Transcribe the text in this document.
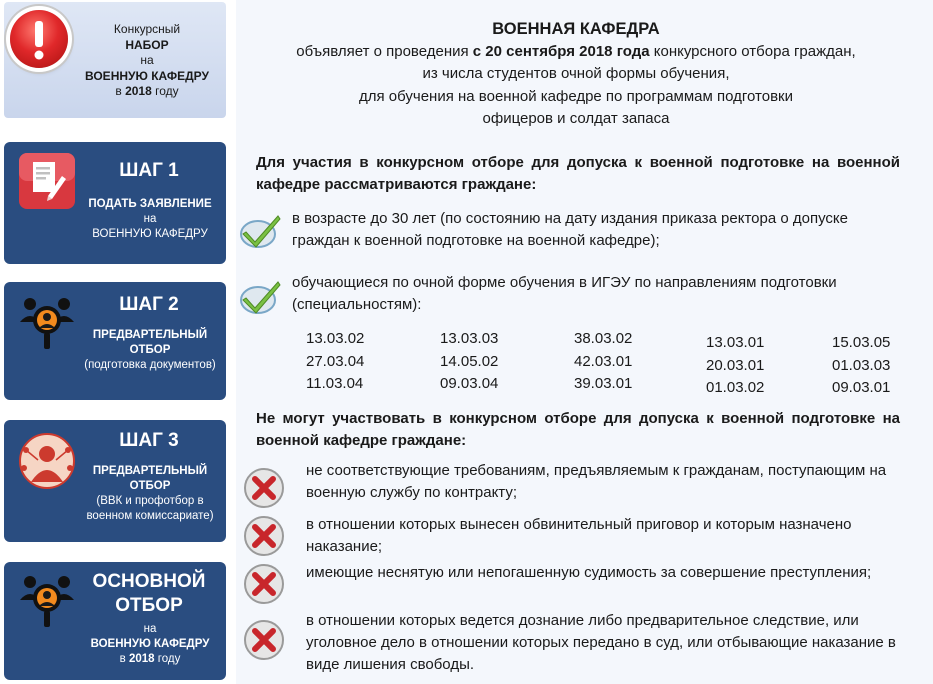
Конкурсный
НАБОР
на
ВОЕННУЮ КАФЕДРУ
в 2018 году
ШАГ 1
ПОДАТЬ ЗАЯВЛЕНИЕ
на
ВОЕННУЮ КАФЕДРУ
ШАГ 2
ПРЕДВАРТЕЛЬНЫЙ
ОТБОР
(подготовка документов)
ШАГ 3
ПРЕДВАРТЕЛЬНЫЙ
ОТБОР
(ВВК и профотбор в
военном комиссариате)
ОСНОВНОЙ
ОТБОР
на
ВОЕННУЮ КАФЕДРУ
в 2018 году
ВОЕННАЯ КАФЕДРА
объявляет о проведения с 20 сентября 2018 года конкурсного отбора граждан,
из числа студентов очной формы обучения,
для обучения на военной кафедре по программам подготовки
офицеров и солдат запаса
Для участия в конкурсном отборе для допуска к военной подготовке на военной кафедре рассматриваются граждане:
в возрасте до 30 лет (по состоянию на дату издания приказа ректора о допуске граждан к военной подготовке на военной кафедре);
обучающиеся по очной форме обучения в ИГЭУ по направлениям подготовки (специальностям):
13.03.02
27.03.04
11.03.04
13.03.03
14.05.02
09.03.04
38.03.02
42.03.01
39.03.01
13.03.01
20.03.01
01.03.02
15.03.05
01.03.03
09.03.01
Не могут участвовать в конкурсном отборе для допуска к военной подготовке на военной кафедре граждане:
не соответствующие требованиям, предъявляемым к гражданам, поступающим на военную службу по контракту;
в отношении которых вынесен обвинительный приговор и которым назначено наказание;
имеющие неснятую или непогашенную судимость за совершение преступления;
в отношении которых ведется дознание либо предварительное следствие, или уголовное дело в отношении которых передано в суд, или отбывающие наказание в виде лишения свободы.
